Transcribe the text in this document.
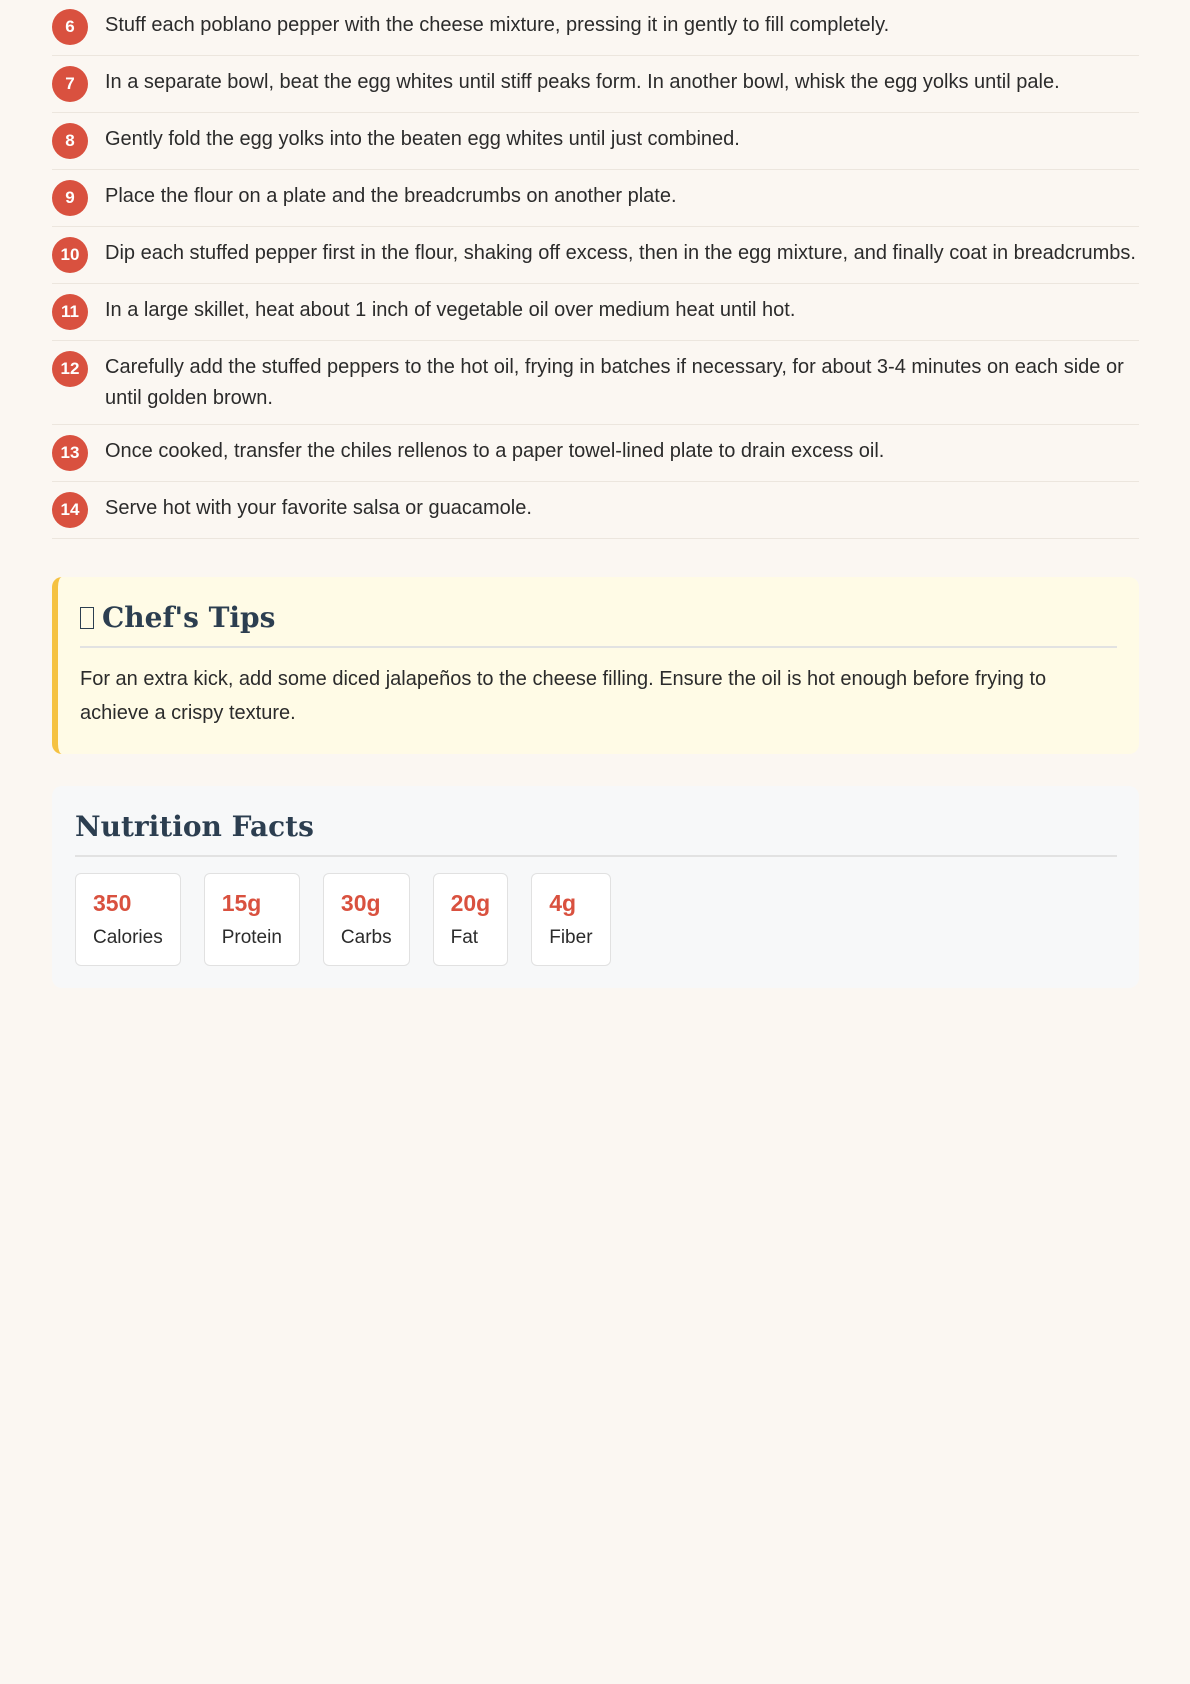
6	Stuff each poblano pepper with the cheese mixture, pressing it in gently to fill completely.
7	In a separate bowl, beat the egg whites until stiff peaks form. In another bowl, whisk the egg yolks until pale.
8	Gently fold the egg yolks into the beaten egg whites until just combined.
9	Place the flour on a plate and the breadcrumbs on another plate.
10	Dip each stuffed pepper first in the flour, shaking off excess, then in the egg mixture, and finally coat in breadcrumbs.
11	In a large skillet, heat about 1 inch of vegetable oil over medium heat until hot.
12	Carefully add the stuffed peppers to the hot oil, frying in batches if necessary, for about 3-4 minutes on each side or until golden brown.
13	Once cooked, transfer the chiles rellenos to a paper towel-lined plate to drain excess oil.
14	Serve hot with your favorite salsa or guacamole.
Chef's Tips

For an extra kick, add some diced jalapeños to the cheese filling. Ensure the oil is hot enough before frying to achieve a crispy texture.

Nutrition Facts
350
Calories
15g
Protein
30g
Carbs
20g
Fat
4g
Fiber
